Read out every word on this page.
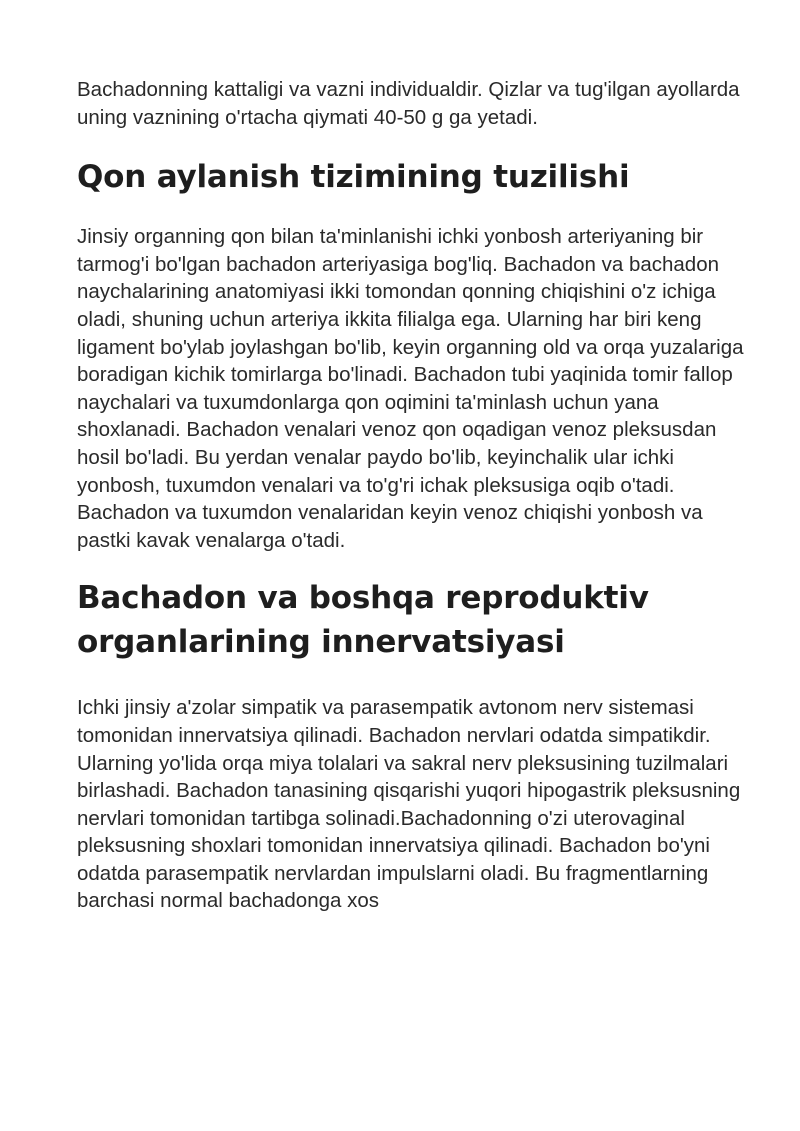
Bachadonning kattaligi va vazni individualdir. Qizlar va tug'ilgan ayollarda uning vaznining o'rtacha qiymati 40-50 g ga yetadi.

Qon aylanish tizimining tuzilishi

Jinsiy organning qon bilan ta'minlanishi ichki yonbosh arteriyaning bir tarmog'i bo'lgan bachadon arteriyasiga bog'liq. Bachadon va bachadon naychalarining anatomiyasi ikki tomondan qonning chiqishini o'z ichiga oladi, shuning uchun arteriya ikkita filialga ega. Ularning har biri keng ligament bo'ylab joylashgan bo'lib, keyin organning old va orqa yuzalariga boradigan kichik tomirlarga bo'linadi. Bachadon tubi yaqinida tomir fallop naychalari va tuxumdonlarga qon oqimini ta'minlash uchun yana shoxlanadi. Bachadon venalari venoz qon oqadigan venoz pleksusdan hosil bo'ladi. Bu yerdan venalar paydo bo'lib, keyinchalik ular ichki yonbosh, tuxumdon venalari va to'g'ri ichak pleksusiga oqib o'tadi. Bachadon va tuxumdon venalaridan keyin venoz chiqishi yonbosh va pastki kavak venalarga o'tadi.

Bachadon va boshqa reproduktiv organlarining innervatsiyasi

Ichki jinsiy a'zolar simpatik va parasempatik avtonom nerv sistemasi tomonidan innervatsiya qilinadi. Bachadon nervlari odatda simpatikdir. Ularning yo'lida orqa miya tolalari va sakral nerv pleksusining tuzilmalari birlashadi. Bachadon tanasining qisqarishi yuqori hipogastrik pleksusning nervlari tomonidan tartibga solinadi.Bachadonning o'zi uterovaginal pleksusning shoxlari tomonidan innervatsiya qilinadi. Bachadon bo'yni odatda parasempatik nervlardan impulslarni oladi. Bu fragmentlarning barchasi normal bachadonga xos
